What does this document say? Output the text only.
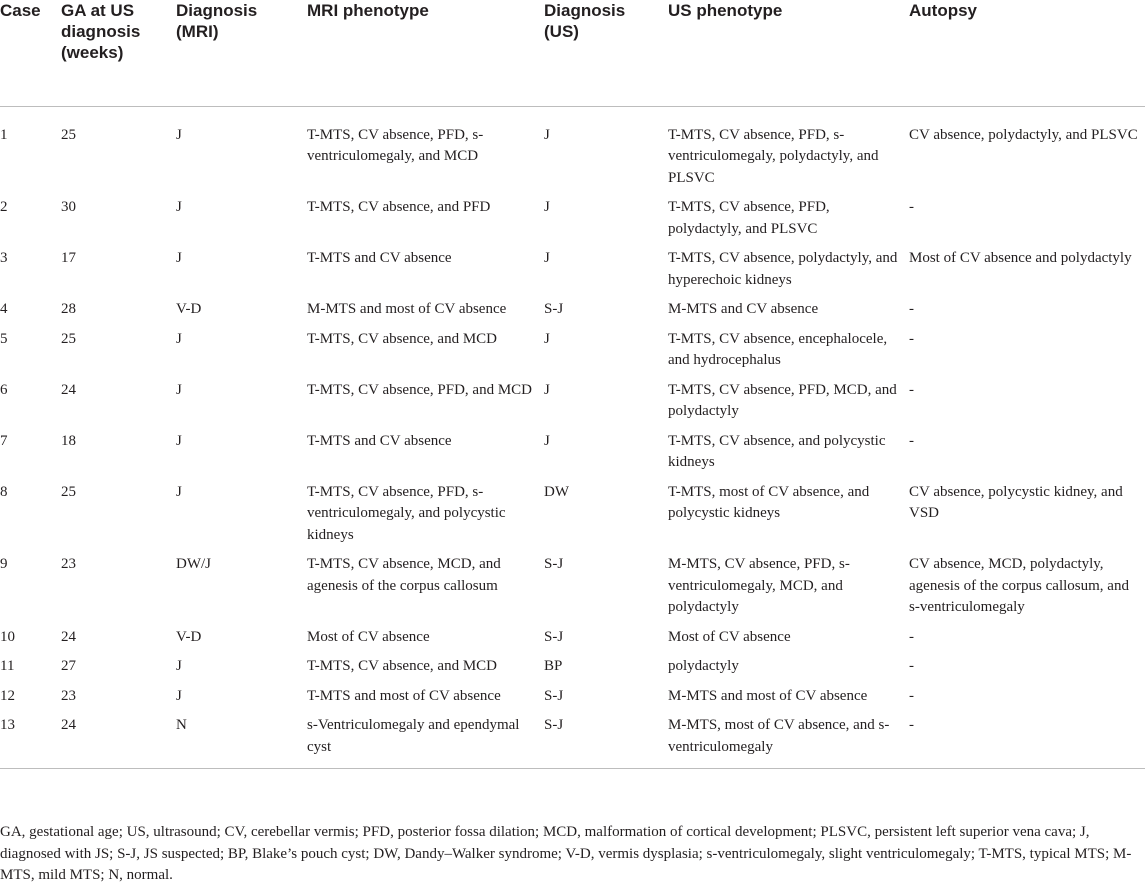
Case	GA at US diagnosis (weeks)	Diagnosis (MRI)	MRI phenotype	Diagnosis (US)	US phenotype	Autopsy
1	25	J	T-MTS, CV absence, PFD, s-ventriculomegaly, and MCD	J	T-MTS, CV absence, PFD, s-ventriculomegaly, polydactyly, and PLSVC	CV absence, polydactyly, and PLSVC
2	30	J	T-MTS, CV absence, and PFD	J	T-MTS, CV absence, PFD, polydactyly, and PLSVC	-
3	17	J	T-MTS and CV absence	J	T-MTS, CV absence, polydactyly, and hyperechoic kidneys	Most of CV absence and polydactyly
4	28	V-D	M-MTS and most of CV absence	S-J	M-MTS and CV absence	-
5	25	J	T-MTS, CV absence, and MCD	J	T-MTS, CV absence, encephalocele, and hydrocephalus	-
6	24	J	T-MTS, CV absence, PFD, and MCD	J	T-MTS, CV absence, PFD, MCD, and polydactyly	-
7	18	J	T-MTS and CV absence	J	T-MTS, CV absence, and polycystic kidneys	-
8	25	J	T-MTS, CV absence, PFD, s-ventriculomegaly, and polycystic kidneys	DW	T-MTS, most of CV absence, and polycystic kidneys	CV absence, polycystic kidney, and VSD
9	23	DW/J	T-MTS, CV absence, MCD, and agenesis of the corpus callosum	S-J	M-MTS, CV absence, PFD, s-ventriculomegaly, MCD, and polydactyly	CV absence, MCD, polydactyly, agenesis of the corpus callosum, and s-ventriculomegaly
10	24	V-D	Most of CV absence	S-J	Most of CV absence	-
11	27	J	T-MTS, CV absence, and MCD	BP	polydactyly	-
12	23	J	T-MTS and most of CV absence	S-J	M-MTS and most of CV absence	-
13	24	N	s-Ventriculomegaly and ependymal cyst	S-J	M-MTS, most of CV absence, and s-ventriculomegaly	-

GA, gestational age; US, ultrasound; CV, cerebellar vermis; PFD, posterior fossa dilation; MCD, malformation of cortical development; PLSVC, persistent left superior vena cava; J, diagnosed with JS; S-J, JS suspected; BP, Blake’s pouch cyst; DW, Dandy–Walker syndrome; V-D, vermis dysplasia; s-ventriculomegaly, slight ventriculomegaly; T-MTS, typical MTS; M-MTS, mild MTS; N, normal.
